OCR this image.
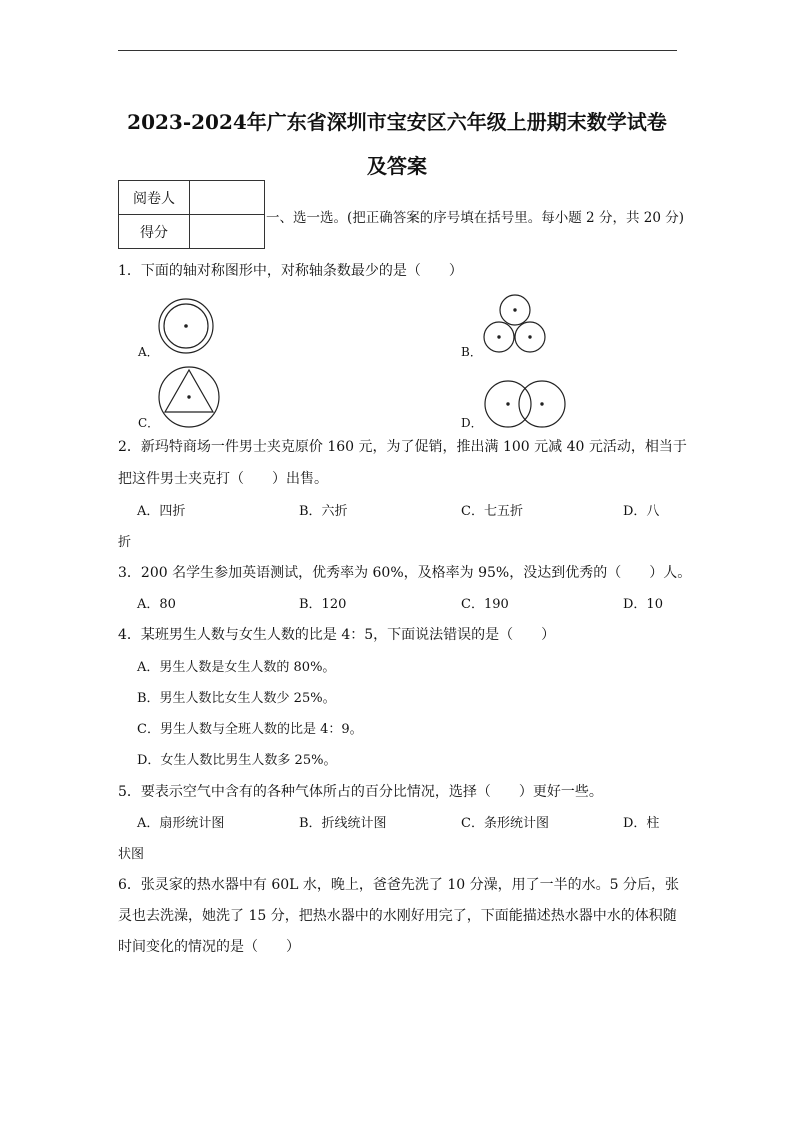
2023-2024年广东省深圳市宝安区六年级上册期末数学试卷
及答案
阅卷人	
得分	
一、选一选。(把正确答案的序号填在括号里。每小题 2 分，共 20 分)
1．下面的轴对称图形中，对称轴条数最少的是（　　）
A．	B．
C．	D．
2．新玛特商场一件男士夹克原价 160 元，为了促销，推出满 100 元减 40 元活动，相当于
把这件男士夹克打（　　）出售。
A．四折	B．六折	C．七五折	D．八
折
3．200 名学生参加英语测试，优秀率为 60%，及格率为 95%，没达到优秀的（　　）人。
A．80	B．120	C．190	D．10
4．某班男生人数与女生人数的比是 4：5，下面说法错误的是（　　）
A．男生人数是女生人数的 80%。
B．男生人数比女生人数少 25%。
C．男生人数与全班人数的比是 4：9。
D．女生人数比男生人数多 25%。
5．要表示空气中含有的各种气体所占的百分比情况，选择（　　）更好一些。
A．扇形统计图	B．折线统计图	C．条形统计图	D．柱
状图
6．张灵家的热水器中有 60L 水，晚上，爸爸先洗了 10 分澡，用了一半的水。5 分后，张
灵也去洗澡，她洗了 15 分，把热水器中的水刚好用完了，下面能描述热水器中水的体积随
时间变化的情况的是（　　）
